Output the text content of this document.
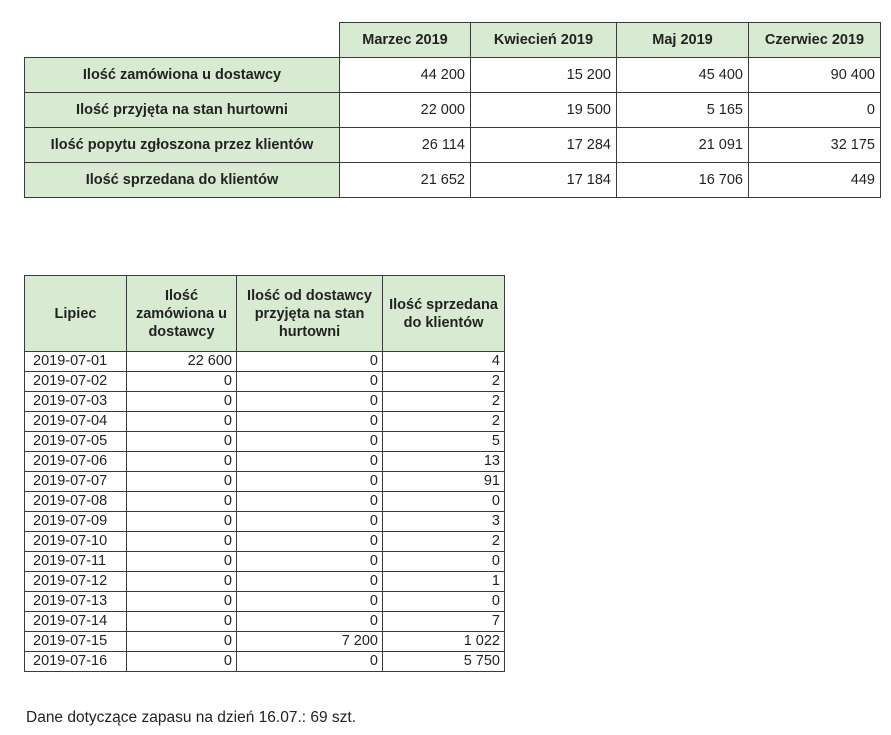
	Marzec 2019	Kwiecień 2019	Maj 2019	Czerwiec 2019
Ilość zamówiona u dostawcy	44 200	15 200	45 400	90 400
Ilość przyjęta na stan hurtowni	22 000	19 500	5 165	0
Ilość popytu zgłoszona przez klientów	26 114	17 284	21 091	32 175
Ilość sprzedana do klientów	21 652	17 184	16 706	449
Lipiec	Ilość zamówiona u dostawcy	Ilość od dostawcy przyjęta na stan hurtowni	Ilość sprzedana do klientów
2019-07-01	22 600	0	4
2019-07-02	0	0	2
2019-07-03	0	0	2
2019-07-04	0	0	2
2019-07-05	0	0	5
2019-07-06	0	0	13
2019-07-07	0	0	91
2019-07-08	0	0	0
2019-07-09	0	0	3
2019-07-10	0	0	2
2019-07-11	0	0	0
2019-07-12	0	0	1
2019-07-13	0	0	0
2019-07-14	0	0	7
2019-07-15	0	7 200	1 022
2019-07-16	0	0	5 750
Dane dotyczące zapasu na dzień 16.07.: 69 szt.
